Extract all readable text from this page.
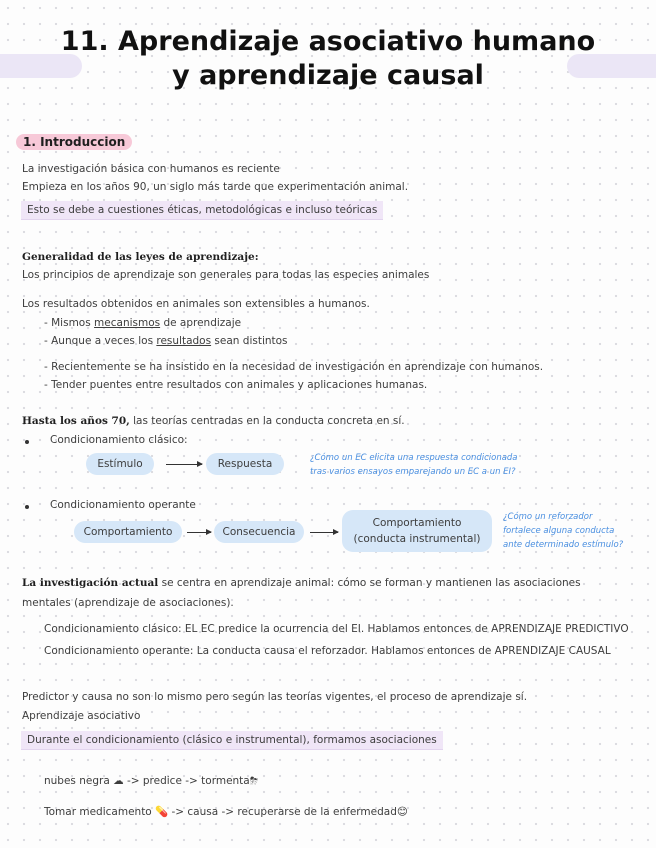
11. Aprendizaje asociativo humano
y aprendizaje causal
1. Introduccion
La investigación básica con humanos es reciente
Empieza en los años 90, un siglo más tarde que experimentación animal.
Esto se debe a cuestiones éticas, metodológicas e incluso teóricas
Generalidad de las leyes de aprendizaje:
Los principios de aprendizaje son generales para todas las especies animales
Los resultados obtenidos en animales son extensibles a humanos.
- Mismos mecanismos de aprendizaje
- Aunque a veces los resultados sean distintos
- Recientemente se ha insistido en la necesidad de investigación en aprendizaje con humanos.
- Tender puentes entre resultados con animales y aplicaciones humanas.
Hasta los años 70, las teorías centradas en la conducta concreta en sí.
Condicionamiento clásico:
Estímulo	Respuesta	¿Cómo un EC elicita una respuesta condicionada
tras varios ensayos emparejando un EC a un EI?
Condicionamiento operante
Comportamiento	Consecuencia
Comportamiento
(conducta instrumental)
¿Cómo un reforzador
fortalece alguna conducta
ante determinado estímulo?
La investigación actual se centra en aprendizaje animal: cómo se forman y mantienen las asociaciones
mentales (aprendizaje de asociaciones).
Condicionamiento clásico: EL EC predice la ocurrencia del EI. Hablamos entonces de APRENDIZAJE PREDICTIVO
Condicionamiento operante: La conducta causa el reforzador. Hablamos entonces de APRENDIZAJE CAUSAL
Predictor y causa no son lo mismo pero según las teorías vigentes, el proceso de aprendizaje sí.
Aprendizaje asociativo
Durante el condicionamiento (clásico e instrumental), formamos asociaciones
nubes negra ☁ -> predice -> tormenta⛈
Tomar medicamento 💊 -> causa -> recuperarse de la enfermedad😊
